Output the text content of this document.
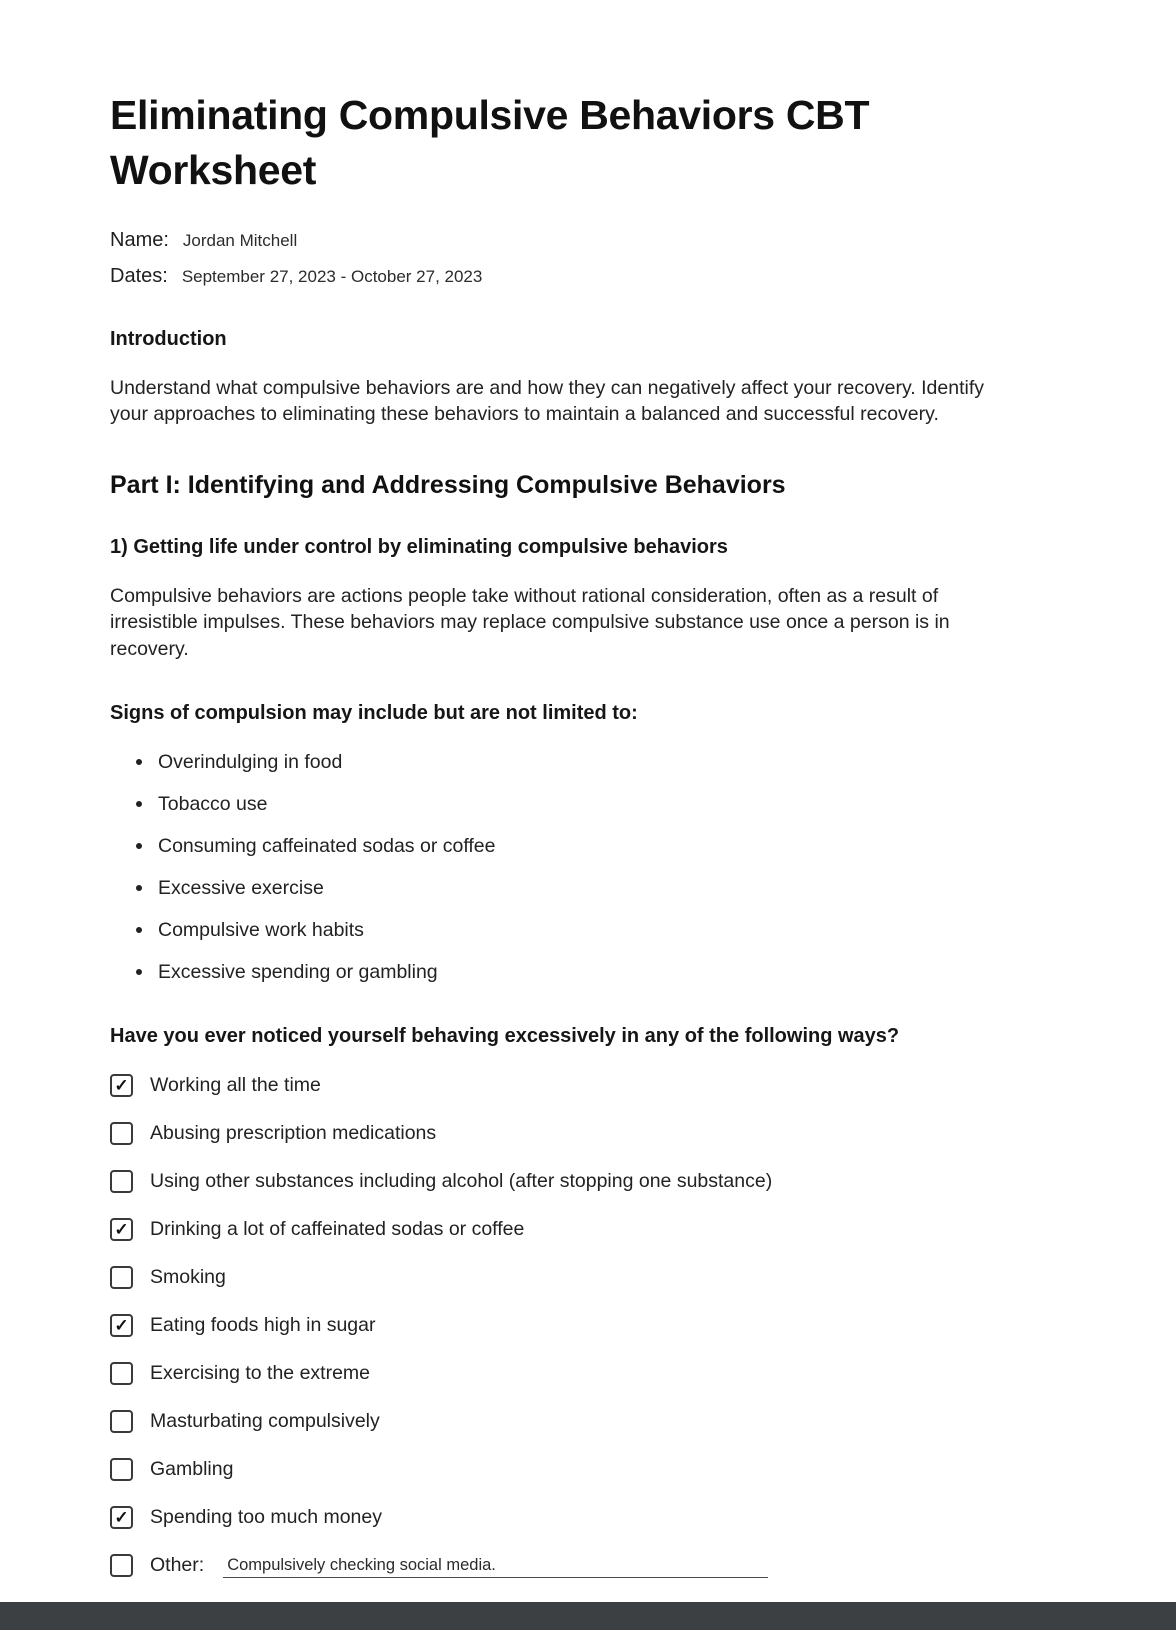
Eliminating Compulsive Behaviors CBT Worksheet
Name: Jordan Mitchell
Dates: September 27, 2023 - October 27, 2023
Introduction

Understand what compulsive behaviors are and how they can negatively affect your recovery. Identify your approaches to eliminating these behaviors to maintain a balanced and successful recovery.

Part I: Identifying and Addressing Compulsive Behaviors
1) Getting life under control by eliminating compulsive behaviors

Compulsive behaviors are actions people take without rational consideration, often as a result of irresistible impulses. These behaviors may replace compulsive substance use once a person is in recovery.

Signs of compulsion may include but are not limited to:
Overindulging in food
Tobacco use
Consuming caffeinated sodas or coffee
Excessive exercise
Compulsive work habits
Excessive spending or gambling
Have you ever noticed yourself behaving excessively in any of the following ways?
✓ Working all the time
Abusing prescription medications
Using other substances including alcohol (after stopping one substance)
✓ Drinking a lot of caffeinated sodas or coffee
Smoking
✓ Eating foods high in sugar
Exercising to the extreme
Masturbating compulsively
Gambling
✓ Spending too much money
Other: Compulsively checking social media.
